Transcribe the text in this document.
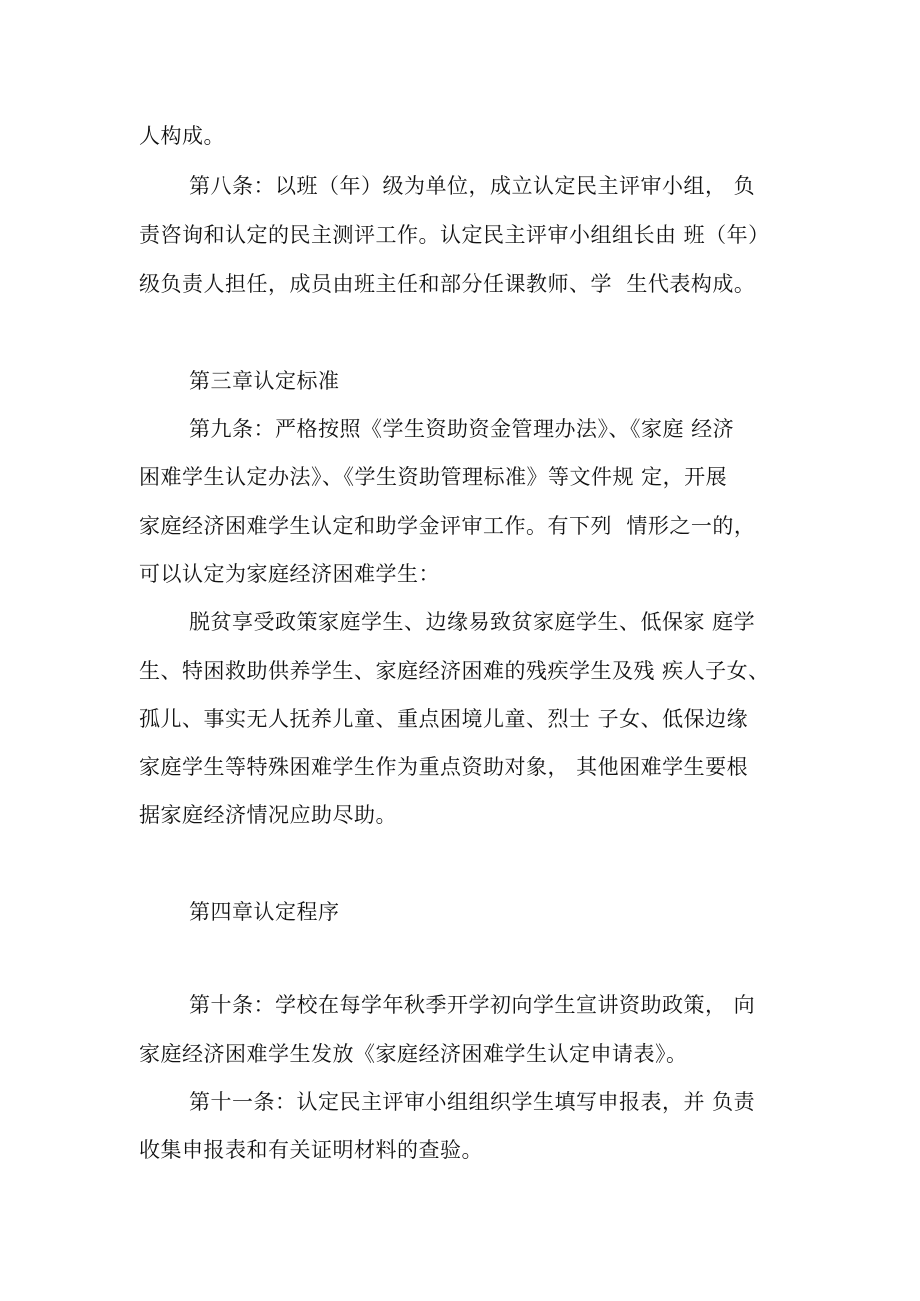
人构成。
第八条：以班（年）级为单位，成立认定民主评审小组， 负
责咨询和认定的民主测评工作。认定民主评审小组组长由 班（年）
级负责人担任，成员由班主任和部分任课教师、学  生代表构成。
第三章认定标准
第九条：严格按照《学生资助资金管理办法》、《家庭 经济
困难学生认定办法》、《学生资助管理标准》等文件规 定，开展
家庭经济困难学生认定和助学金评审工作。有下列  情形之一的，
可以认定为家庭经济困难学生：
脱贫享受政策家庭学生、边缘易致贫家庭学生、低保家 庭学
生、特困救助供养学生、家庭经济困难的残疾学生及残 疾人子女、
孤儿、事实无人抚养儿童、重点困境儿童、烈士 子女、低保边缘
家庭学生等特殊困难学生作为重点资助对象， 其他困难学生要根
据家庭经济情况应助尽助。
第四章认定程序
第十条：学校在每学年秋季开学初向学生宣讲资助政策， 向
家庭经济困难学生发放《家庭经济困难学生认定申请表》。
第十一条：认定民主评审小组组织学生填写申报表，并 负责
收集申报表和有关证明材料的查验。
